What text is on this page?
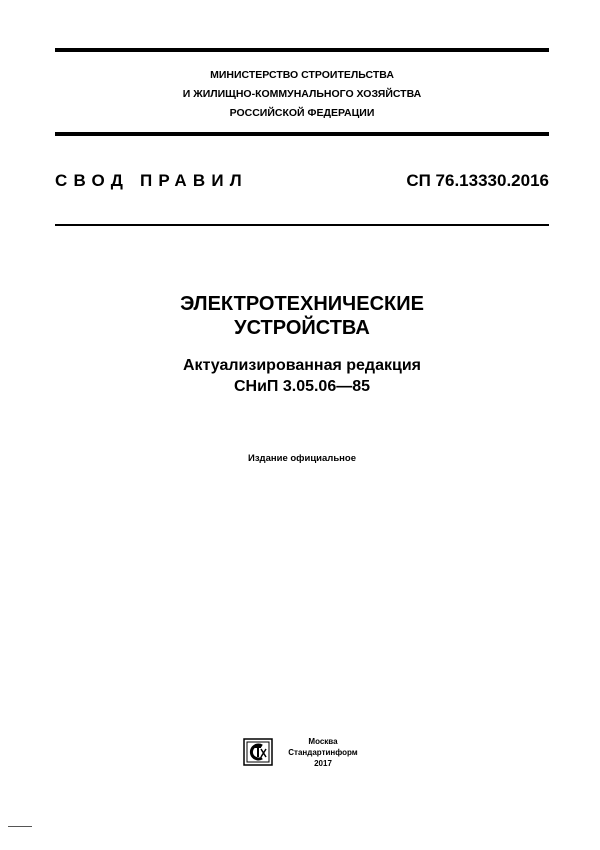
МИНИСТЕРСТВО СТРОИТЕЛЬСТВА
И ЖИЛИЩНО-КОММУНАЛЬНОГО ХОЗЯЙСТВА
РОССИЙСКОЙ ФЕДЕРАЦИИ
СВОД ПРАВИЛ	СП 76.13330.2016
ЭЛЕКТРОТЕХНИЧЕСКИЕ
УСТРОЙСТВА
Актуализированная редакция
СНиП 3.05.06—85
Издание официальное
Москва
Стандартинформ
2017
